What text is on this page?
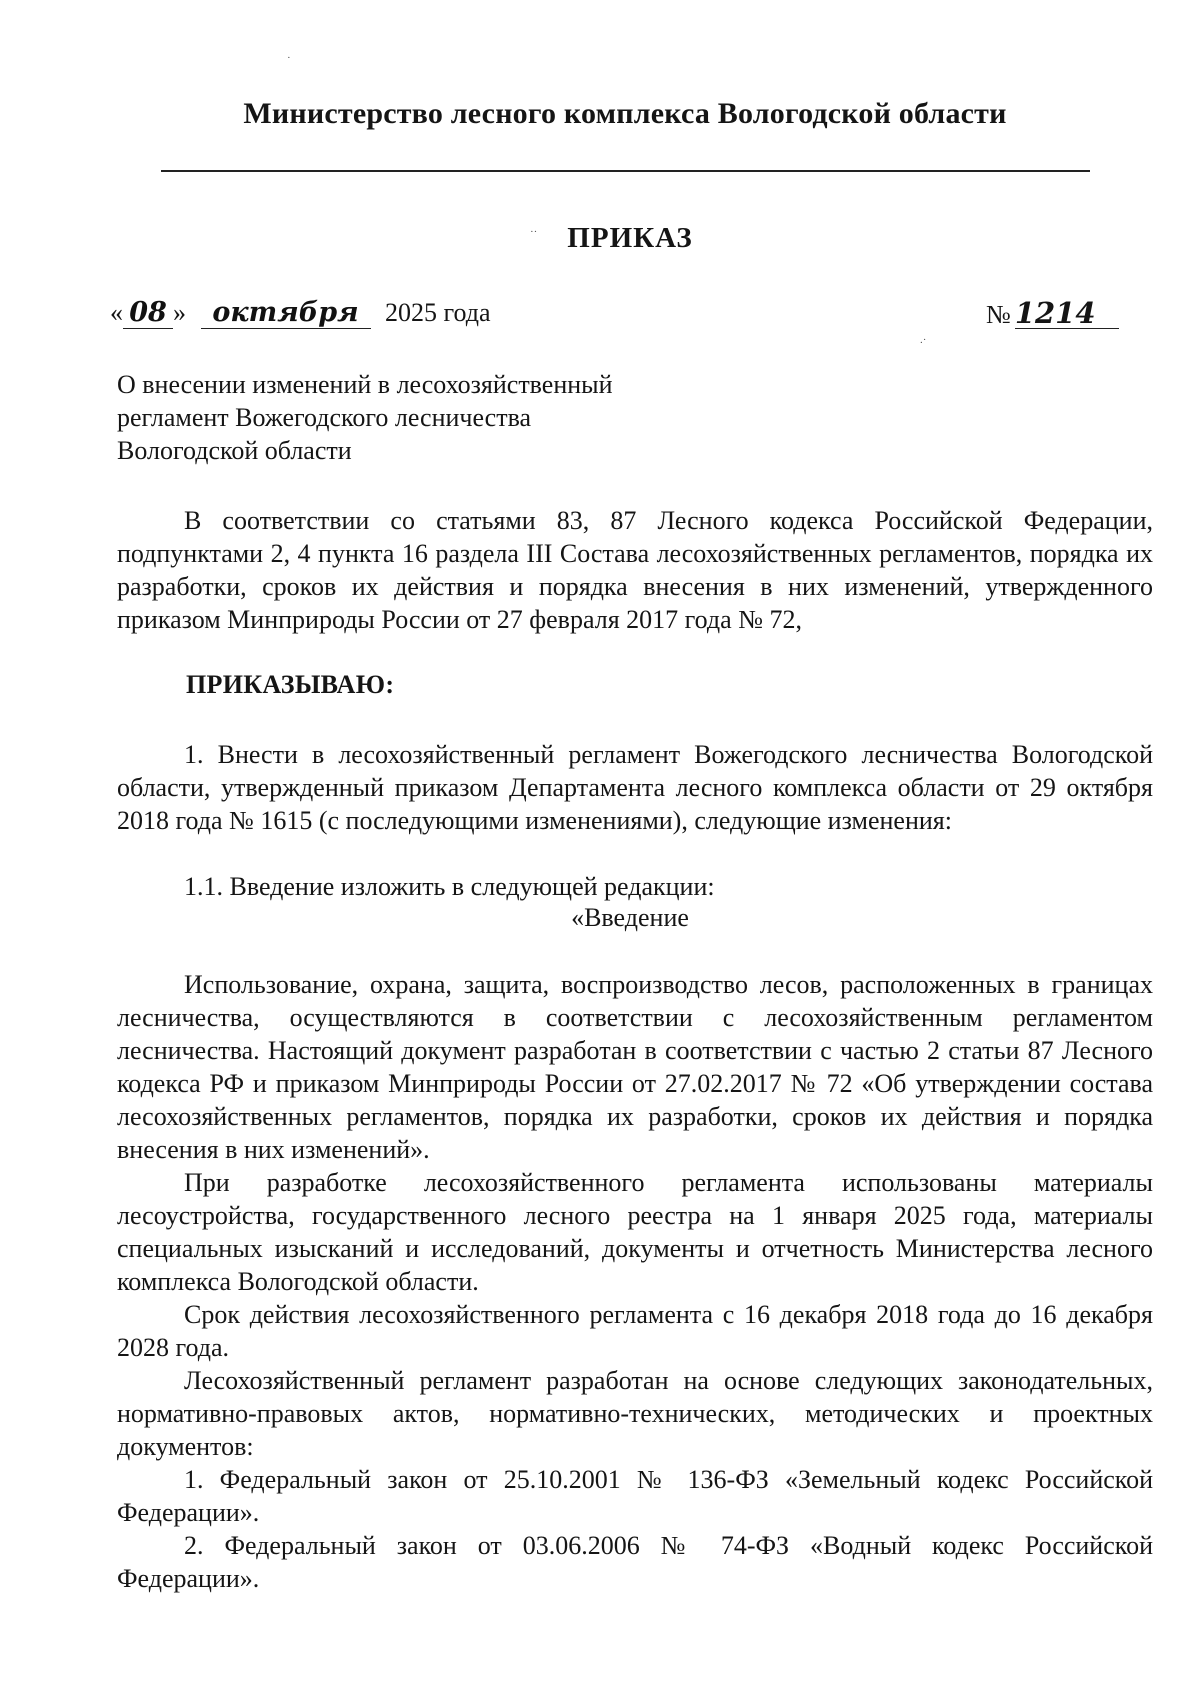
Министерство лесного комплекса Вологодской области
ПРИКАЗ
« 08 » октября 2025 года	№ 1214
О внесении изменений в лесохозяйственный
регламент Вожегодского лесничества
Вологодской области
В соответствии со статьями 83, 87 Лесного кодекса Российской Федерации, подпунктами 2, 4 пункта 16 раздела III Состава лесохозяйственных регламентов, порядка их разработки, сроков их действия и порядка внесения в них изменений, утвержденного приказом Минприроды России от 27 февраля 2017 года № 72,
ПРИКАЗЫВАЮ:
1. Внести в лесохозяйственный регламент Вожегодского лесничества Вологодской области, утвержденный приказом Департамента лесного комплекса области от 29 октября 2018 года № 1615 (с последующими изменениями), следующие изменения:
1.1. Введение изложить в следующей редакции:
«Введение
Использование, охрана, защита, воспроизводство лесов, расположенных в границах лесничества, осуществляются в соответствии с лесохозяйственным регламентом лесничества. Настоящий документ разработан в соответствии с частью 2 статьи 87 Лесного кодекса РФ и приказом Минприроды России от 27.02.2017 № 72 «Об утверждении состава лесохозяйственных регламентов, порядка их разработки, сроков их действия и порядка внесения в них изменений».
При разработке лесохозяйственного регламента использованы материалы лесоустройства, государственного лесного реестра на 1 января 2025 года, материалы специальных изысканий и исследований, документы и отчетность Министерства лесного комплекса Вологодской области.
Срок действия лесохозяйственного регламента с 16 декабря 2018 года до 16 декабря 2028 года.
Лесохозяйственный регламент разработан на основе следующих законодательных, нормативно-правовых актов, нормативно-технических, методических и проектных документов:
1. Федеральный закон от 25.10.2001 № 136-ФЗ «Земельный кодекс Российской Федерации».
2. Федеральный закон от 03.06.2006 № 74-ФЗ «Водный кодекс Российской Федерации».
·
··
.·
